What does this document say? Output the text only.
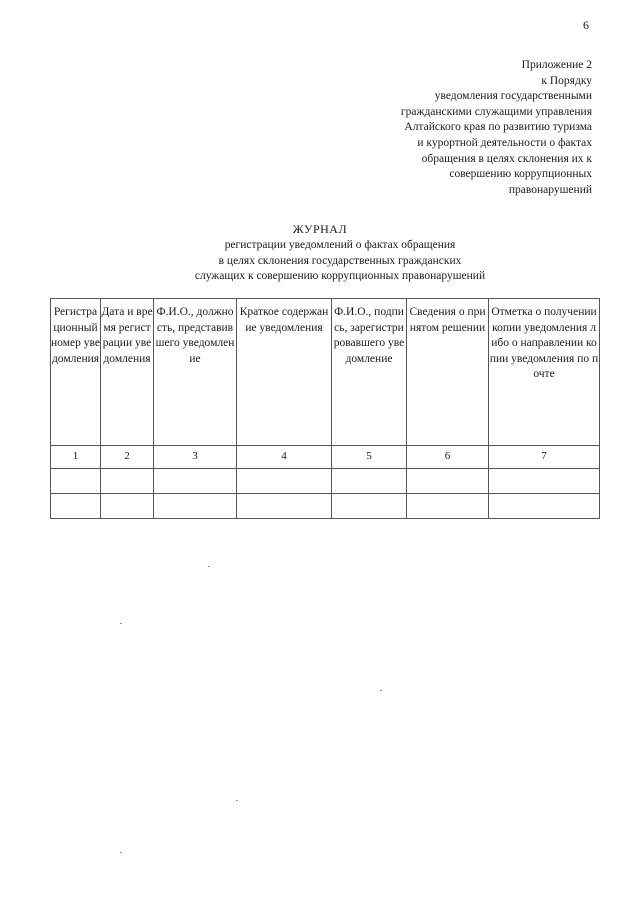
6
Приложение 2
к Порядку
уведомления государственными
гражданскими служащими управления
Алтайского края по развитию туризма
и курортной деятельности о фактах
обращения в целях склонения их к
совершению коррупционных
правонарушений
ЖУРНАЛ
регистрации уведомлений о фактах обращения
в целях склонения государственных гражданских
служащих к совершению коррупционных правонарушений
Регистрационный номер уведомления	Дата и время регистрации уведомления	Ф.И.О., должность, представившего уведомление	Краткое содержание уведомления	Ф.И.О., подпись, зарегистрировавшего уведомление	Сведения о принятом решении	Отметка о получении копии уведомления либо о направлении копии уведомления по почте
1	2	3	4	5	6	7
